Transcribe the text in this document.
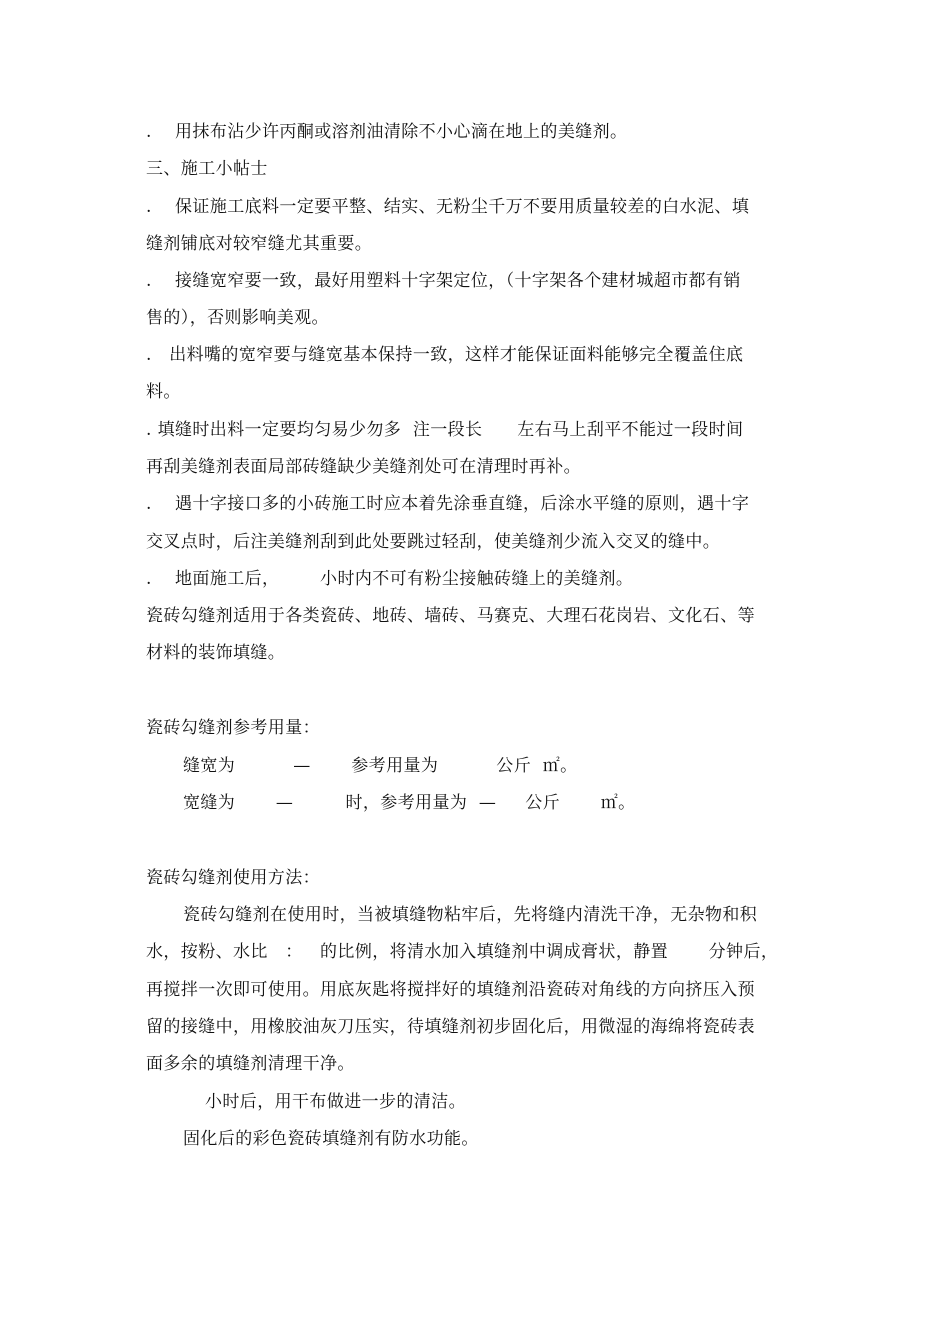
.    用抹布沾少许丙酮或溶剂油清除不小心滴在地上的美缝剂。
三、施工小帖士
.    保证施工底料一定要平整、结实、无粉尘千万不要用质量较差的白水泥、填
缝剂铺底对较窄缝尤其重要。
.    接缝宽窄要一致，最好用塑料十字架定位，（十字架各个建材城超市都有销
售的），否则影响美观。
.   出料嘴的宽窄要与缝宽基本保持一致，这样才能保证面料能够完全覆盖住底
料。
. 填缝时出料一定要均匀易少勿多  注一段长      左右马上刮平不能过一段时间
再刮美缝剂表面局部砖缝缺少美缝剂处可在清理时再补。
.    遇十字接口多的小砖施工时应本着先涂垂直缝，后涂水平缝的原则，遇十字
交叉点时，后注美缝剂刮到此处要跳过轻刮，使美缝剂少流入交叉的缝中。
.    地面施工后，       小时内不可有粉尘接触砖缝上的美缝剂。
瓷砖勾缝剂适用于各类瓷砖、地砖、墙砖、马赛克、大理石花岗岩、文化石、等
材料的装饰填缝。
瓷砖勾缝剂参考用量：
缝宽为          —       参考用量为          公斤  ㎡。
宽缝为       —         时，参考用量为  —     公斤       ㎡。
瓷砖勾缝剂使用方法：
瓷砖勾缝剂在使用时，当被填缝物粘牢后，先将缝内清洗干净，无杂物和积
水，按粉、水比   ：   的比例，将清水加入填缝剂中调成膏状，静置       分钟后，
再搅拌一次即可使用。用底灰匙将搅拌好的填缝剂沿瓷砖对角线的方向挤压入预
留的接缝中，用橡胶油灰刀压实，待填缝剂初步固化后，用微湿的海绵将瓷砖表
面多余的填缝剂清理干净。
小时后，用干布做进一步的清洁。
固化后的彩色瓷砖填缝剂有防水功能。
